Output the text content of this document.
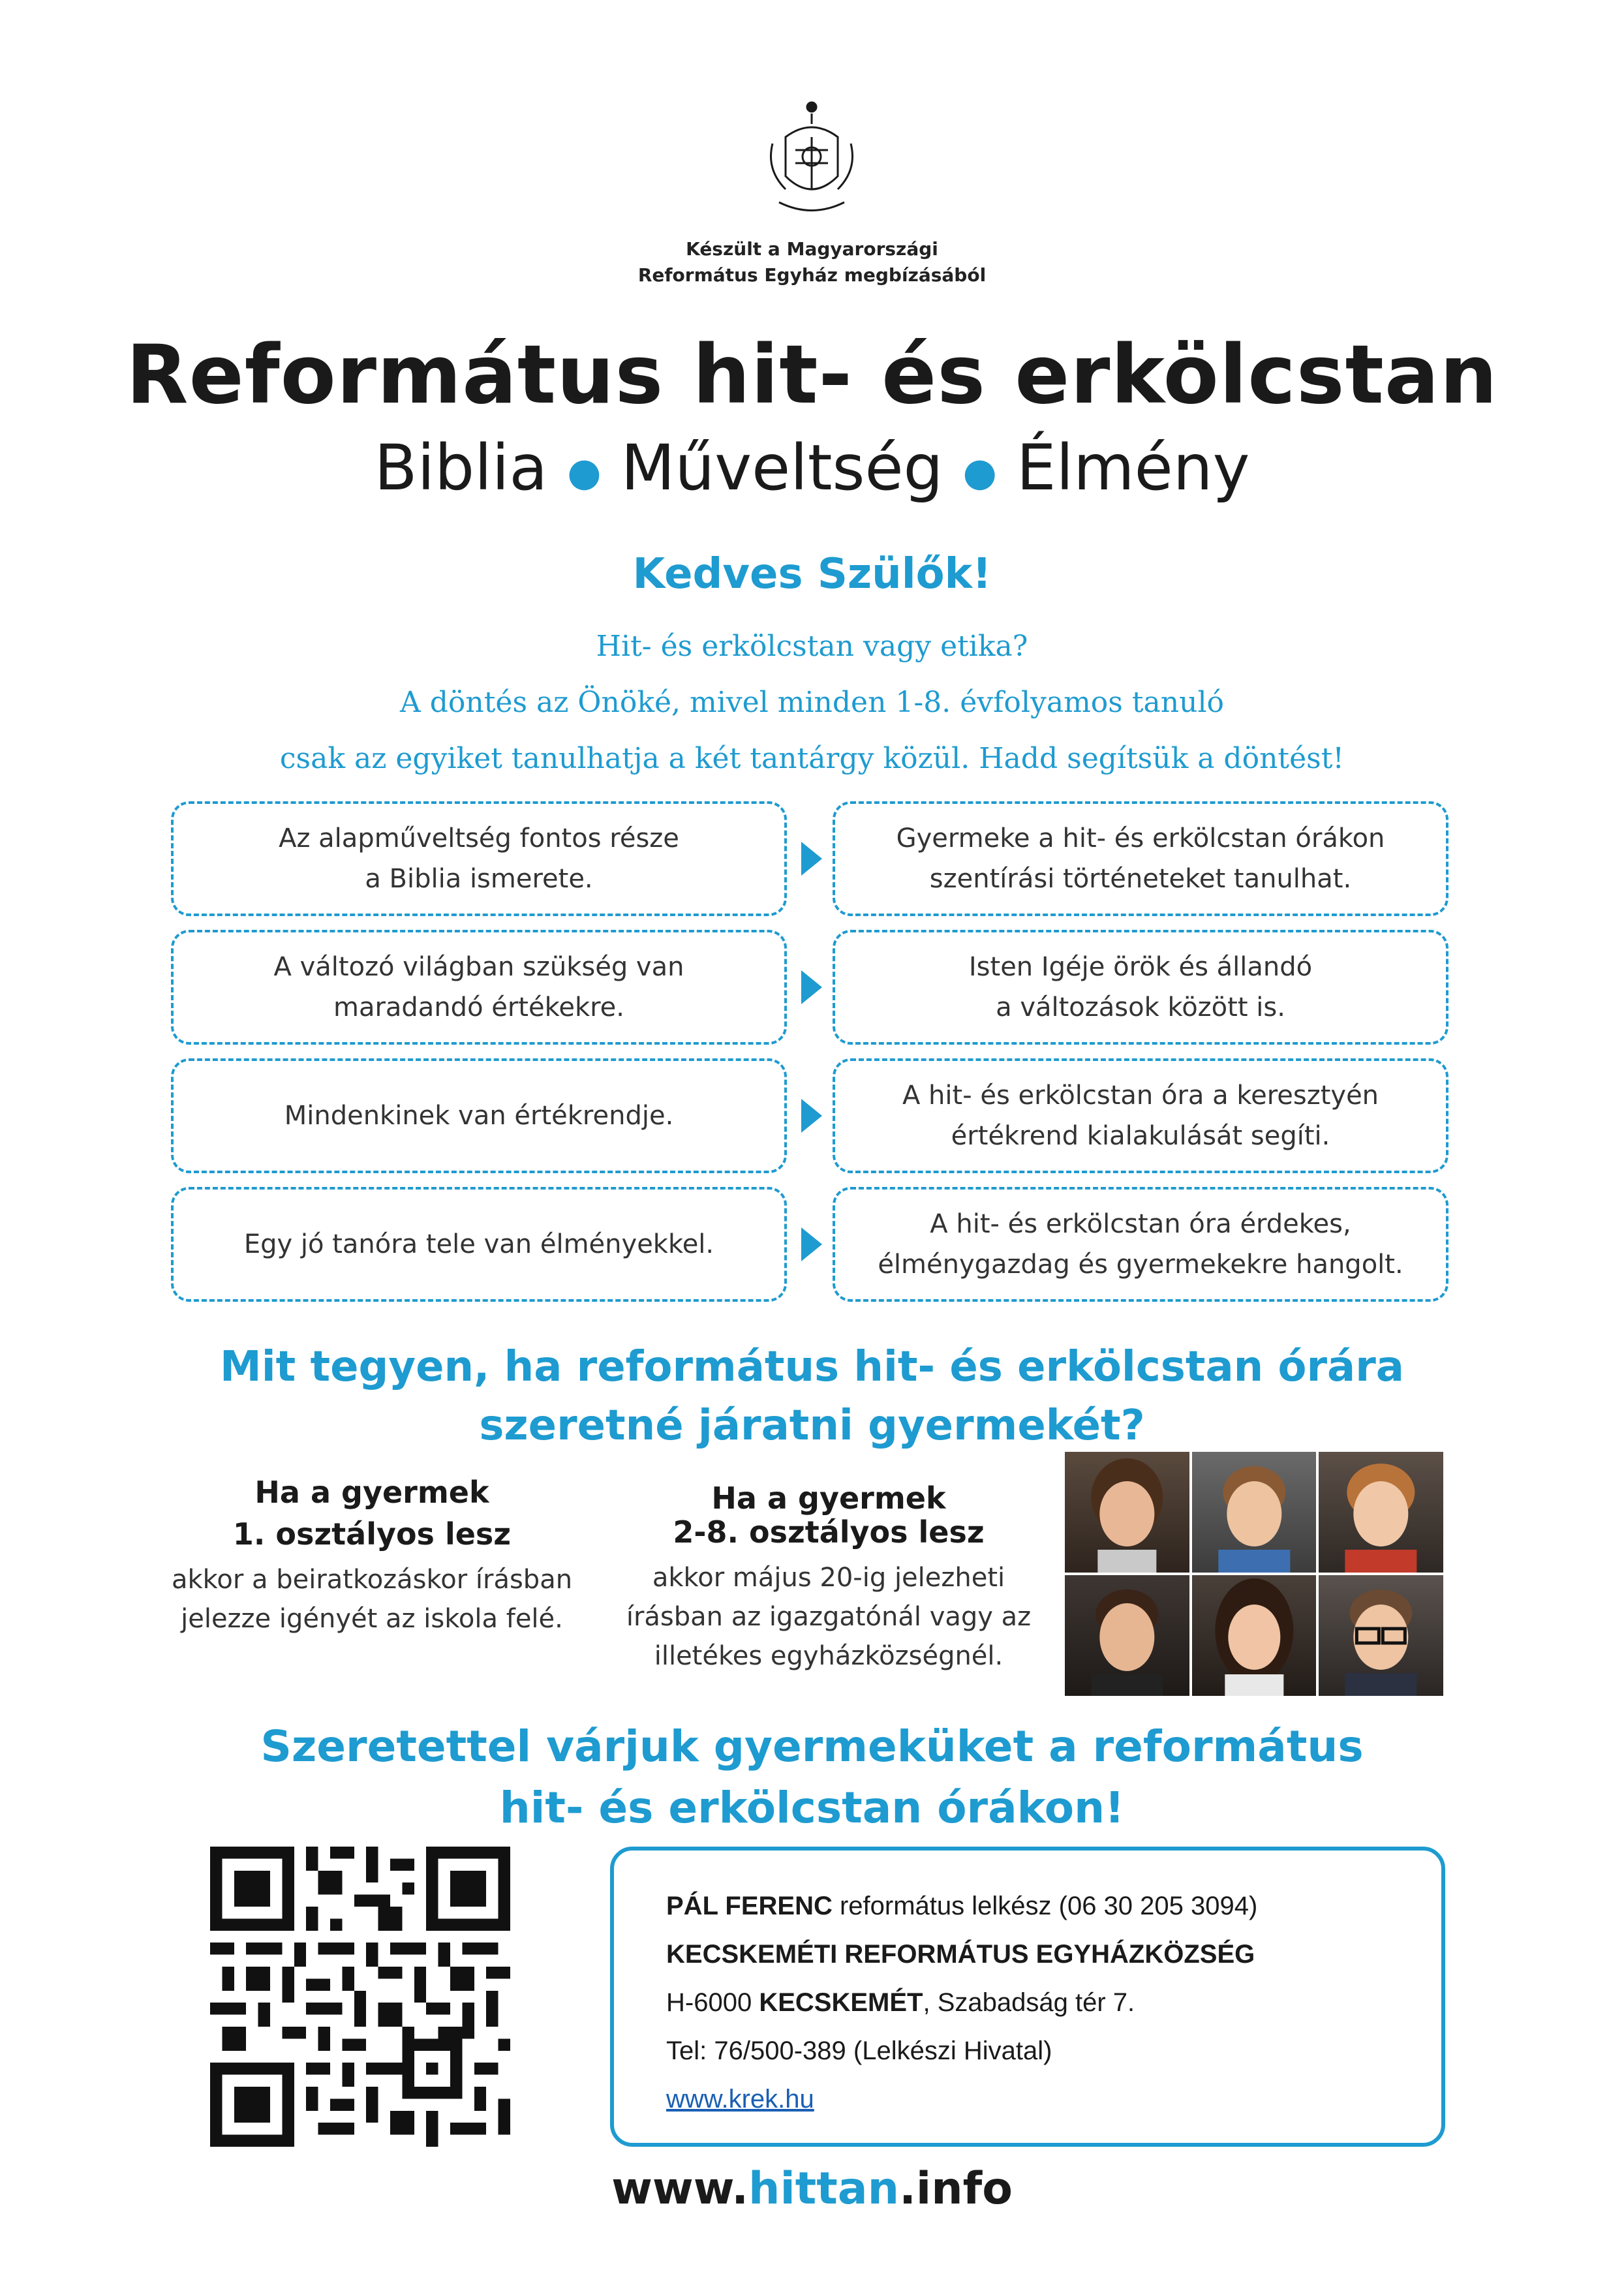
Készült a Magyarországi
Református Egyház megbízásából
Református hit- és erkölcstan
Biblia ● Műveltség ● Élmény
Kedves Szülők!
Hit- és erkölcstan vagy etika?
A döntés az Önöké, mivel minden 1-8. évfolyamos tanuló
csak az egyiket tanulhatja a két tantárgy közül. Hadd segítsük a döntést!
Az alapműveltség fontos része
a Biblia ismerete.
Gyermeke a hit- és erkölcstan órákon
szentírási történeteket tanulhat.
A változó világban szükség van
maradandó értékekre.
Isten Igéje örök és állandó
a változások között is.
Mindenkinek van értékrendje.
A hit- és erkölcstan óra a keresztyén
értékrend kialakulását segíti.
Egy jó tanóra tele van élményekkel.
A hit- és erkölcstan óra érdekes,
élménygazdag és gyermekekre hangolt.
Mit tegyen, ha református hit- és erkölcstan órára
szeretné járatni gyermekét?
Ha a gyermek
1. osztályos lesz
akkor a beiratkozáskor írásban
jelezze igényét az iskola felé.
Ha a gyermek
2-8. osztályos lesz
akkor május 20-ig jelezheti
írásban az igazgatónál vagy az
illetékes egyházközségnél.
Szeretettel várjuk gyermeküket a református
hit- és erkölcstan órákon!
PÁL FERENC református lelkész (06 30 205 3094)
KECSKEMÉTI REFORMÁTUS EGYHÁZKÖZSÉG
H-6000 KECSKEMÉT, Szabadság tér 7.
Tel: 76/500-389 (Lelkészi Hivatal)
www.krek.hu
www.hittan.info
